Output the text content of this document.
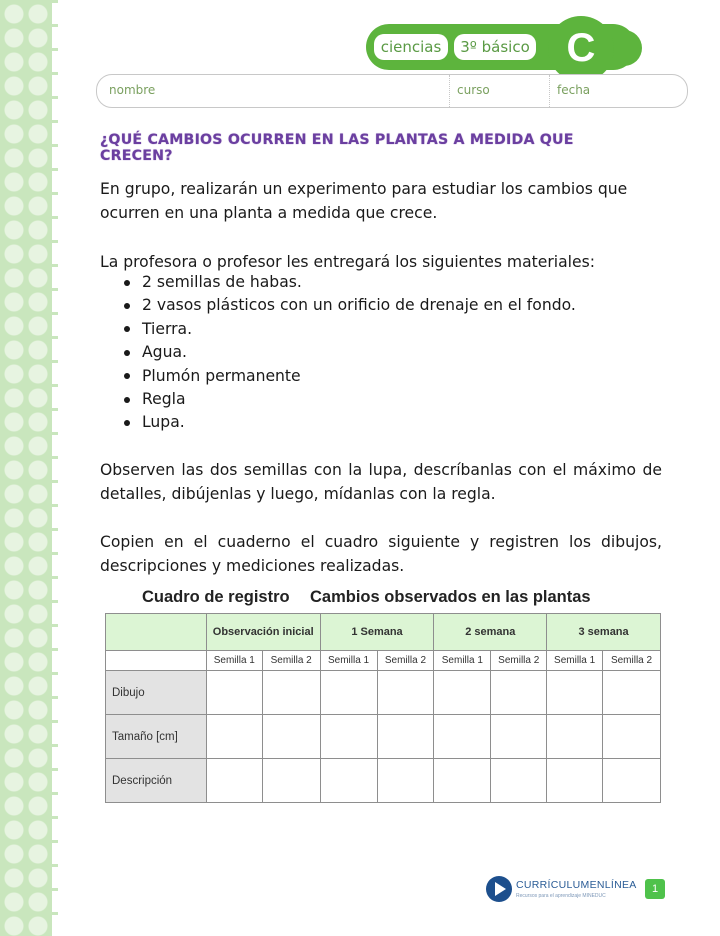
ciencias	3º básico C
nombre	curso	fecha
¿QUÉ CAMBIOS OCURREN EN LAS PLANTAS A MEDIDA QUE CRECEN?
En grupo, realizarán un experimento para estudiar los cambios que ocurren en una planta a medida que crece.
La profesora o profesor les entregará los siguientes materiales:
2 semillas de habas.
2 vasos plásticos con un orificio de drenaje en el fondo.
Tierra.
Agua.
Plumón permanente
Regla
Lupa.
Observen las dos semillas con la lupa, descríbanlas con el máximo de detalles, dibújenlas y luego, mídanlas con la regla.
Copien en el cuaderno el cuadro siguiente y registren los dibujos, descripciones y mediciones realizadas.
Cuadro de registro Cambios observados en las plantas
	Observación inicial		1 Semana		2 semana		3 semana	
	Semilla 1	Semilla 2	Semilla 1	Semilla 2	Semilla 1	Semilla 2	Semilla 1	Semilla 2
Dibujo								
Tamaño [cm]								
Descripción								
CURRÍCULUMENLÍNEA
Recursos para el aprendizaje MINEDUC
1
